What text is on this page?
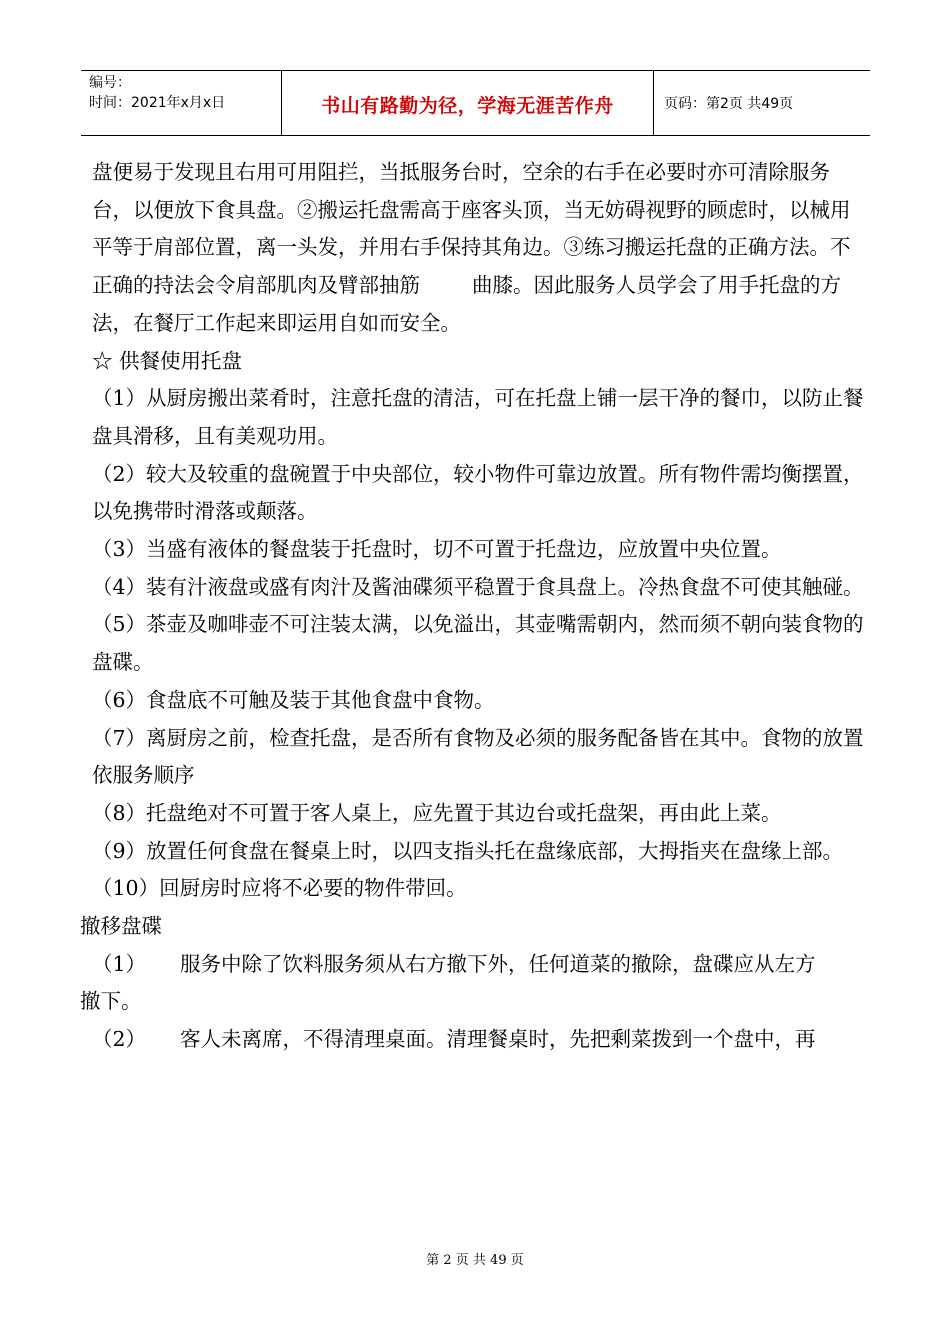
编号：
时间：2021年x月x日	书山有路勤为径，学海无涯苦作舟	页码：第2页 共49页

盘便易于发现且右用可用阻拦，当抵服务台时，空余的右手在必要时亦可清除服务台，以便放下食具盘。②搬运托盘需高于座客头顶，当无妨碍视野的顾虑时，以械用平等于肩部位置，离一头发，并用右手保持其角边。③练习搬运托盘的正确方法。不正确的持法会令肩部肌肉及臂部抽筋	曲膝。因此服务人员学会了用手托盘的方法，在餐厅工作起来即运用自如而安全。

☆ 供餐使用托盘

（1）从厨房搬出菜肴时，注意托盘的清洁，可在托盘上铺一层干净的餐巾，以防止餐盘具滑移，且有美观功用。

（2）较大及较重的盘碗置于中央部位，较小物件可靠边放置。所有物件需均衡摆置，以免携带时滑落或颠落。

（3）当盛有液体的餐盘装于托盘时，切不可置于托盘边，应放置中央位置。

（4）装有汁液盘或盛有肉汁及酱油碟须平稳置于食具盘上。冷热食盘不可使其触碰。

（5）茶壶及咖啡壶不可注装太满，以免溢出，其壶嘴需朝内，然而须不朝向装食物的盘碟。

（6）食盘底不可触及装于其他食盘中食物。

（7）离厨房之前，检查托盘，是否所有食物及必须的服务配备皆在其中。食物的放置依服务顺序

（8）托盘绝对不可置于客人桌上，应先置于其边台或托盘架，再由此上菜。

（9）放置任何食盘在餐桌上时，以四支指头托在盘缘底部，大拇指夹在盘缘上部。

（10）回厨房时应将不必要的物件带回。

撤移盘碟

（1）	服务中除了饮料服务须从右方撤下外，任何道菜的撤除，盘碟应从左方

撤下。

（2）	客人未离席，不得清理桌面。清理餐桌时，先把剩菜拨到一个盘中，再
第 2 页 共 49 页
